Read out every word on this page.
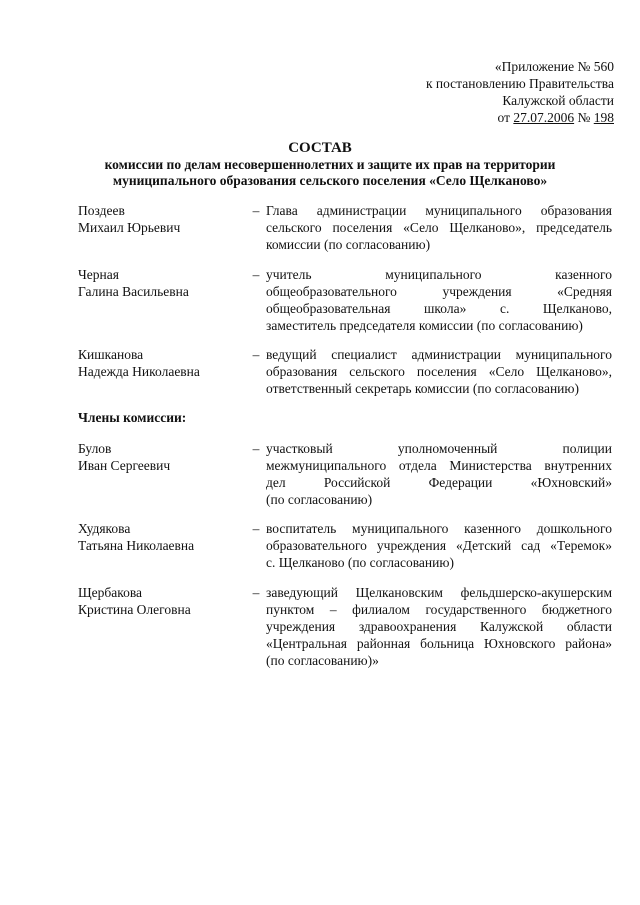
«Приложение № 560
к постановлению Правительства
Калужской области
от 27.07.2006 № 198
СОСТАВ
комиссии по делам несовершеннолетних и защите их прав на территории
муниципального образования сельского поселения «Село Щелканово»
Поздеев
Михаил Юрьевич
– Глава администрации муниципального образования
сельского поселения «Село Щелканово», председатель
комиссии (по согласованию)
Черная
Галина Васильевна
– учитель муниципального казенного
общеобразовательного учреждения «Средняя
общеобразовательная школа» с. Щелканово,
заместитель председателя комиссии (по согласованию)
Кишканова
Надежда Николаевна
– ведущий специалист администрации муниципального
образования сельского поселения «Село Щелканово»,
ответственный секретарь комиссии (по согласованию)
Члены комиссии:
Булов
Иван Сергеевич
– участковый уполномоченный полиции
межмуниципального отдела Министерства внутренних
дел Российской Федерации «Юхновский»
(по согласованию)
Худякова
Татьяна Николаевна
– воспитатель муниципального казенного дошкольного
образовательного учреждения «Детский сад «Теремок»
с. Щелканово (по согласованию)
Щербакова
Кристина Олеговна
– заведующий Щелкановским фельдшерско-акушерским
пунктом – филиалом государственного бюджетного
учреждения здравоохранения Калужской области
«Центральная районная больница Юхновского района»
(по согласованию)»
